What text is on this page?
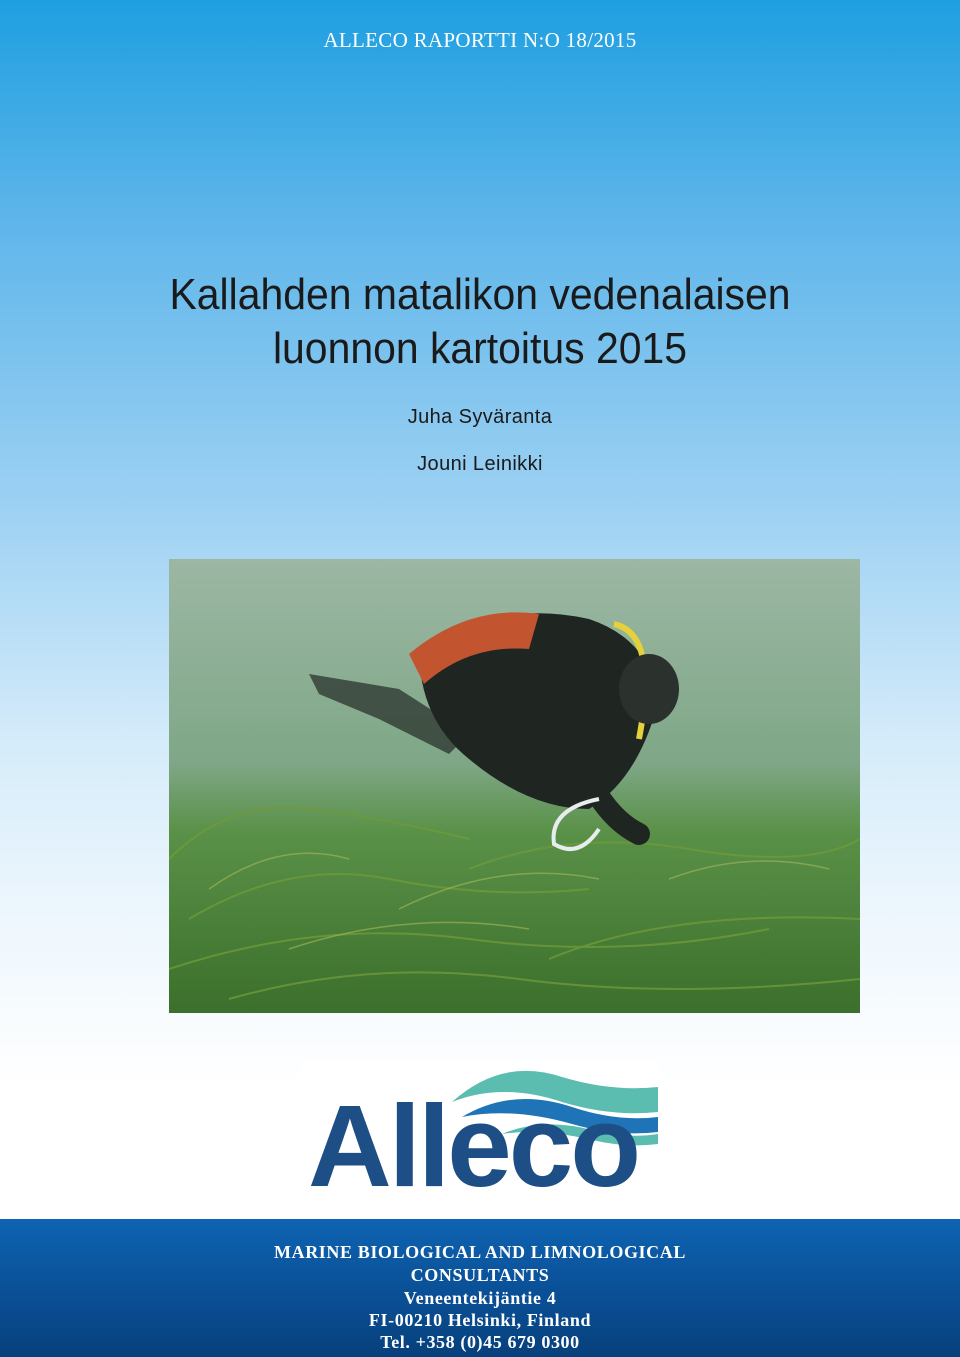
ALLECO RAPORTTI N:O 18/2015
Kallahden matalikon vedenalaisen
luonnon kartoitus 2015
Juha Syväranta
Jouni Leinikki
Alleco
MARINE BIOLOGICAL AND LIMNOLOGICAL
CONSULTANTS
Veneentekijäntie 4
FI-00210 Helsinki, Finland
Tel. +358 (0)45 679 0300
